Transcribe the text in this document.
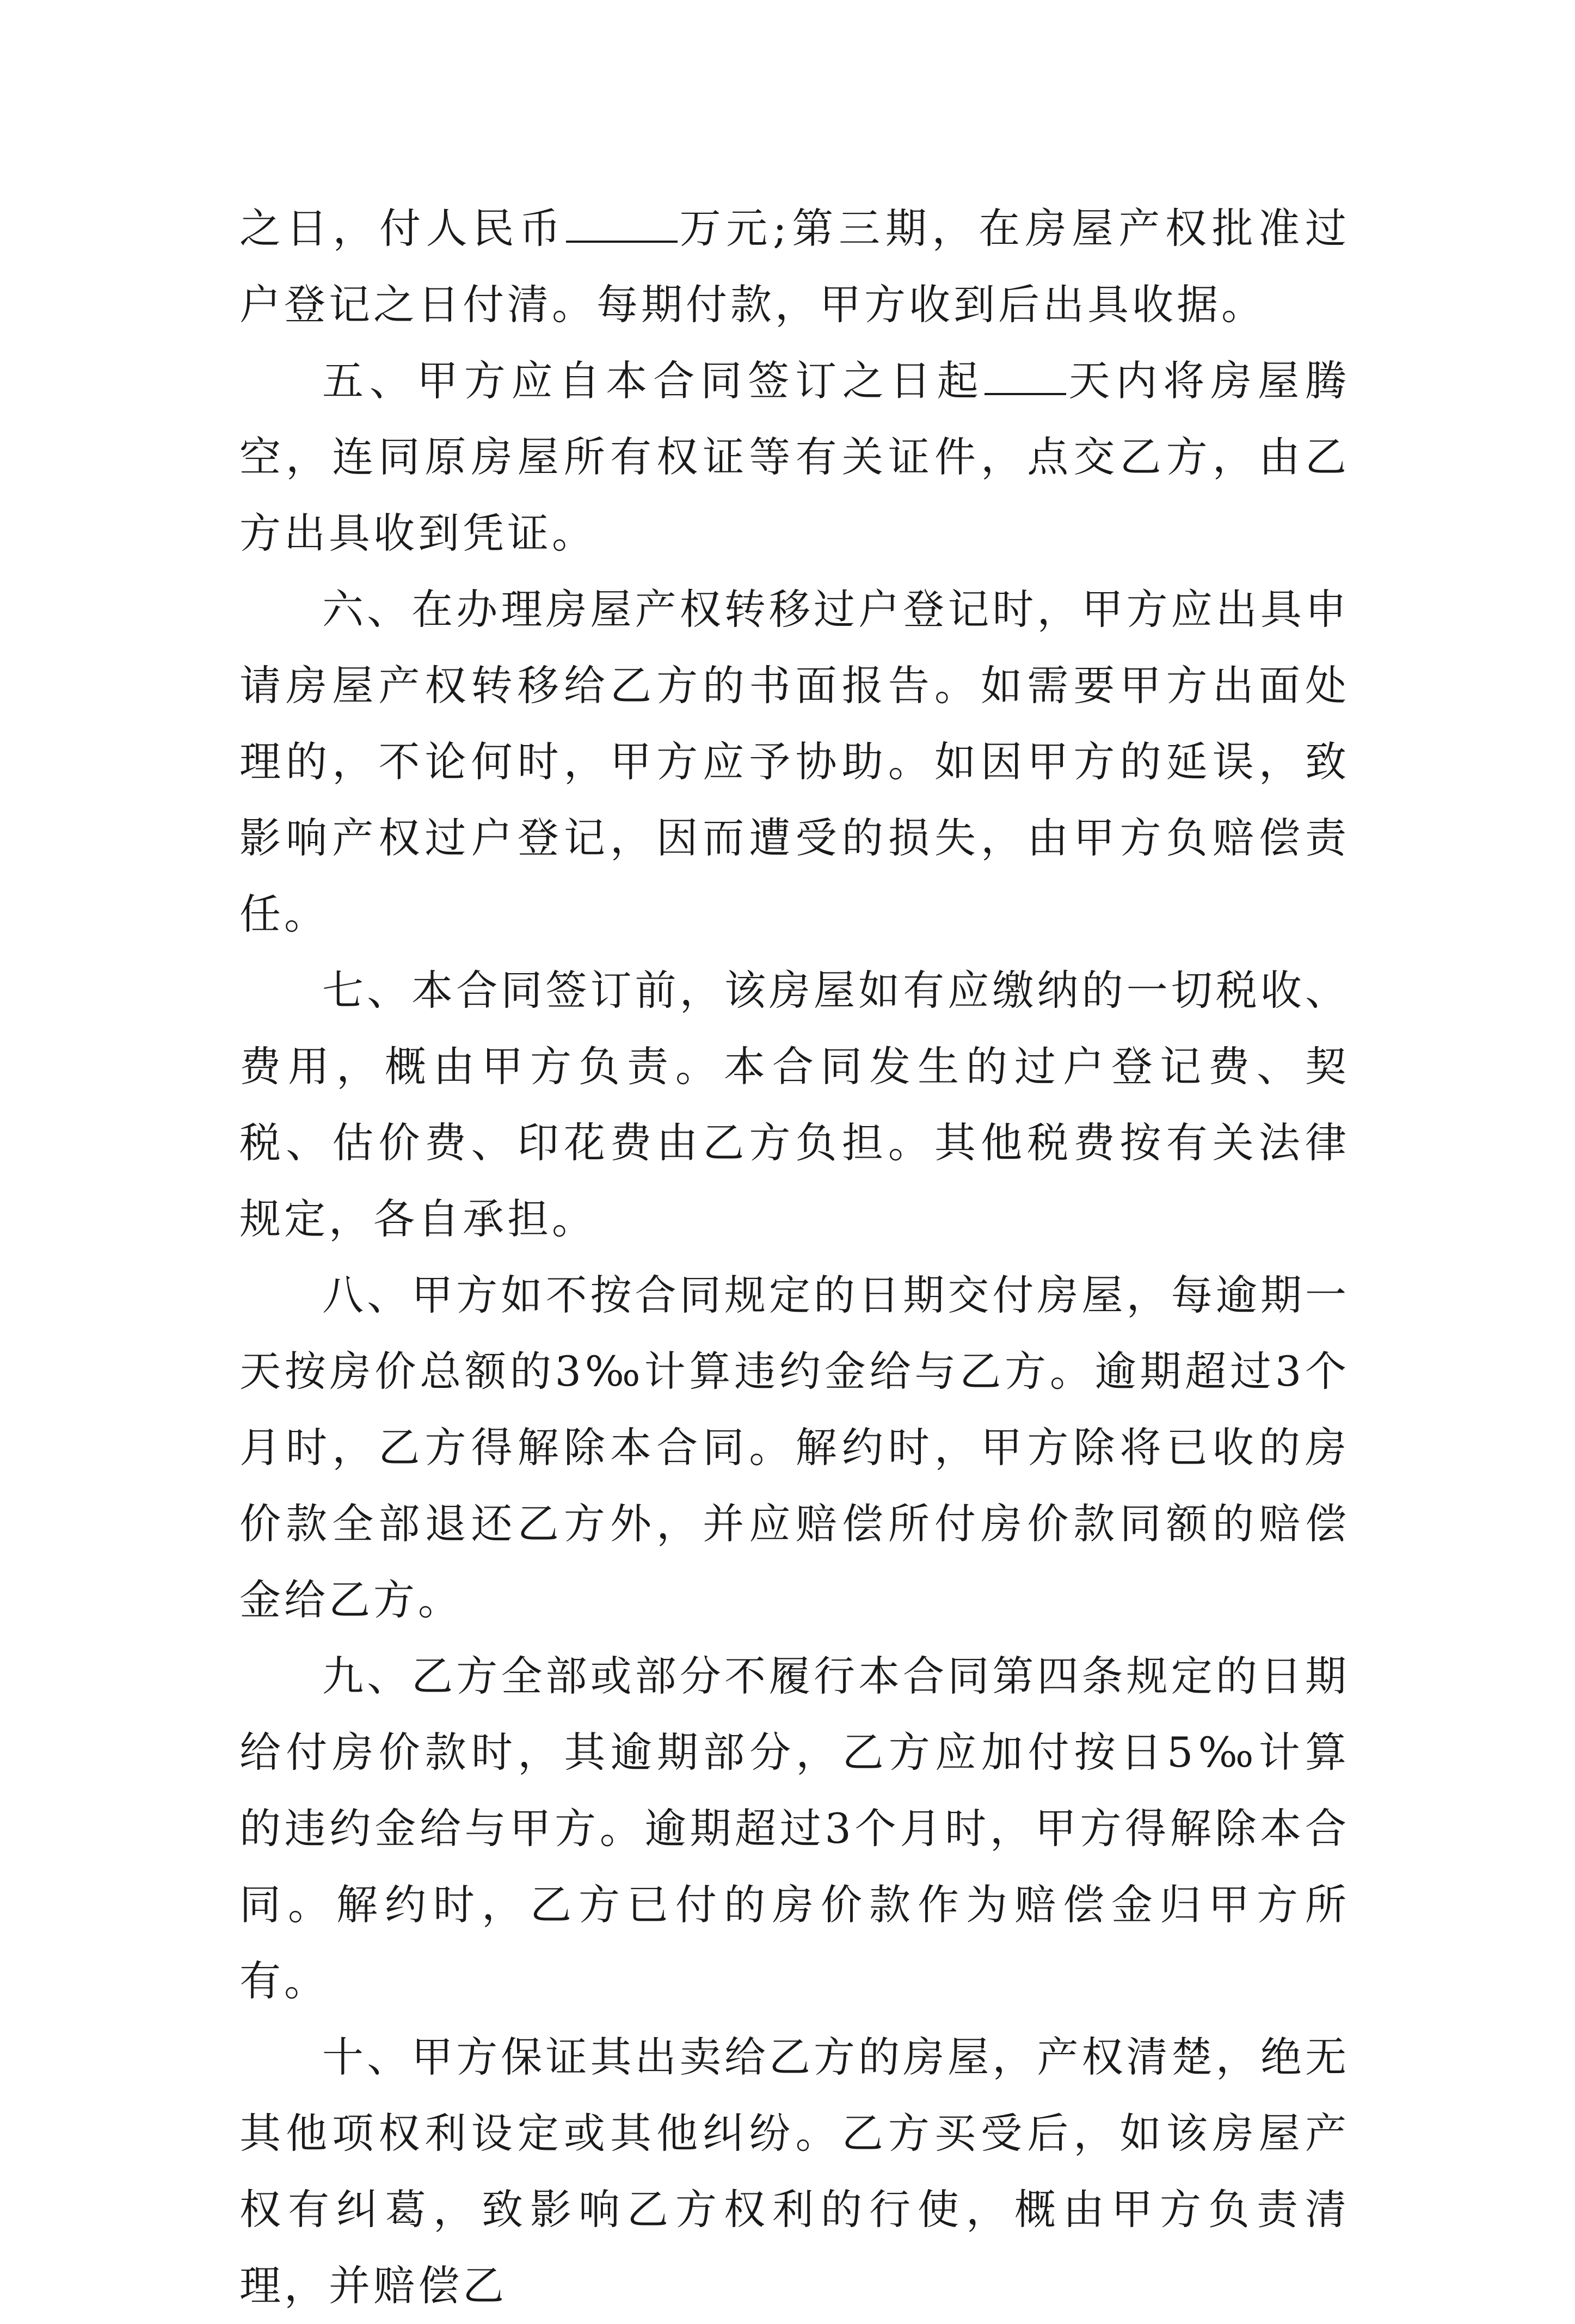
之日，付人民币	万元;第三期，在房屋产权批准过户登记之日付清。每期付款，甲方收到后出具收据。

五、甲方应自本合同签订之日起 天内将房屋腾空，连同原房屋所有权证等有关证件，点交乙方，由乙方出具收到凭证。

六、在办理房屋产权转移过户登记时，甲方应出具申请房屋产权转移给乙方的书面报告。如需要甲方出面处理的，不论何时，甲方应予协助。如因甲方的延误，致影响产权过户登记，因而遭受的损失，由甲方负赔偿责任。

七、本合同签订前，该房屋如有应缴纳的一切税收、费用，概由甲方负责。本合同发生的过户登记费、契税、估价费、印花费由乙方负担。其他税费按有关法律规定，各自承担。

八、甲方如不按合同规定的日期交付房屋，每逾期一天按房价总额的3‰计算违约金给与乙方。逾期超过3个月时，乙方得解除本合同。解约时，甲方除将已收的房价款全部退还乙方外，并应赔偿所付房价款同额的赔偿金给乙方。

九、乙方全部或部分不履行本合同第四条规定的日期给付房价款时，其逾期部分，乙方应加付按日5‰计算的违约金给与甲方。逾期超过3个月时，甲方得解除本合同。解约时，乙方已付的房价款作为赔偿金归甲方所有。

十、甲方保证其出卖给乙方的房屋，产权清楚，绝无其他项权利设定或其他纠纷。乙方买受后，如该房屋产权有纠葛，致影响乙方权利的行使，概由甲方负责清理，并赔偿乙
